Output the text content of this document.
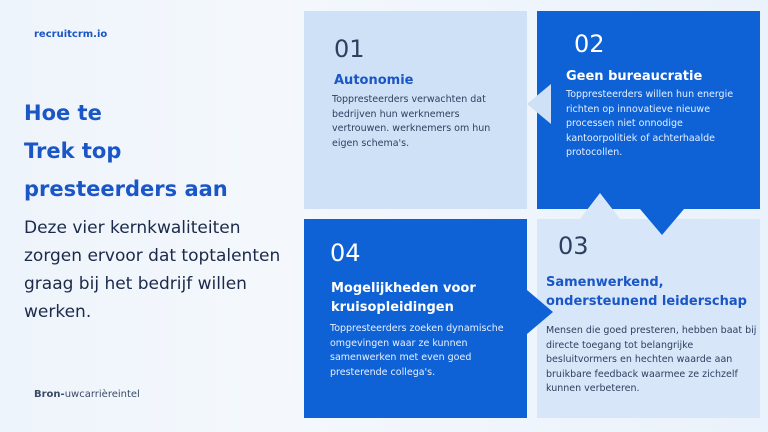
recruitcrm.io
Hoe te
Trek top
presteerders aan
Deze vier kernkwaliteiten zorgen ervoor dat toptalenten graag bij het bedrijf willen werken.
Bron-uwcarrièreintel
01
Autonomie
Toppresteerders verwachten dat bedrijven hun werknemers vertrouwen. werknemers om hun eigen schema's.
02
Geen bureaucratie
Toppresteerders willen hun energie richten op innovatieve nieuwe processen niet onnodige kantoorpolitiek of achterhaalde protocollen.
04
Mogelijkheden voor kruisopleidingen
Toppresteerders zoeken dynamische omgevingen waar ze kunnen samenwerken met even goed presterende collega's.
03
Samenwerkend, ondersteunend leiderschap
Mensen die goed presteren, hebben baat bij directe toegang tot belangrijke besluitvormers en hechten waarde aan bruikbare feedback waarmee ze zichzelf kunnen verbeteren.
